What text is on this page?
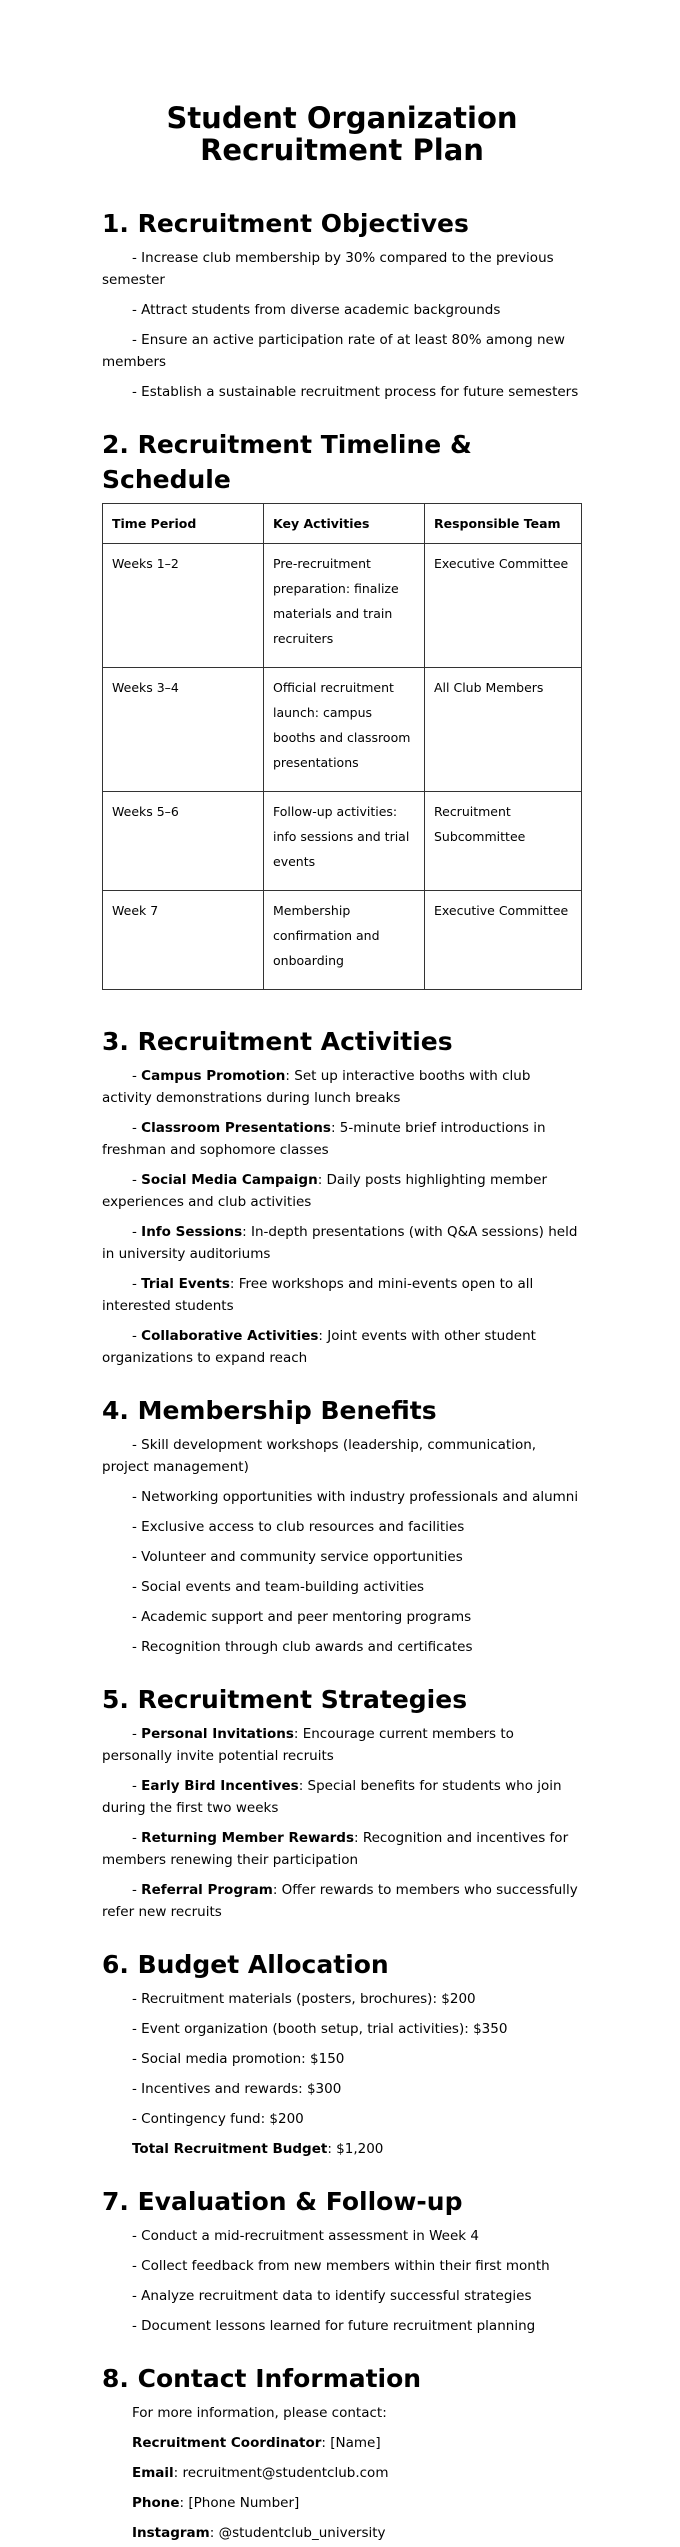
Student Organization Recruitment Plan
1. Recruitment Objectives

- Increase club membership by 30% compared to the previous semester

- Attract students from diverse academic backgrounds

- Ensure an active participation rate of at least 80% among new members

- Establish a sustainable recruitment process for future semesters

2. Recruitment Timeline & Schedule
Time Period	Key Activities	Responsible Team
Weeks 1–2	Pre-recruitment preparation: finalize materials and train recruiters	Executive Committee
Weeks 3–4	Official recruitment launch: campus booths and classroom presentations	All Club Members
Weeks 5–6	Follow-up activities: info sessions and trial events	Recruitment Subcommittee
Week 7	Membership confirmation and onboarding	Executive Committee
3. Recruitment Activities

- Campus Promotion: Set up interactive booths with club activity demonstrations during lunch breaks

- Classroom Presentations: 5-minute brief introductions in freshman and sophomore classes

- Social Media Campaign: Daily posts highlighting member experiences and club activities

- Info Sessions: In-depth presentations (with Q&A sessions) held in university auditoriums

- Trial Events: Free workshops and mini-events open to all interested students

- Collaborative Activities: Joint events with other student organizations to expand reach

4. Membership Benefits

- Skill development workshops (leadership, communication, project management)

- Networking opportunities with industry professionals and alumni

- Exclusive access to club resources and facilities

- Volunteer and community service opportunities

- Social events and team-building activities

- Academic support and peer mentoring programs

- Recognition through club awards and certificates

5. Recruitment Strategies

- Personal Invitations: Encourage current members to personally invite potential recruits

- Early Bird Incentives: Special benefits for students who join during the first two weeks

- Returning Member Rewards: Recognition and incentives for members renewing their participation

- Referral Program: Offer rewards to members who successfully refer new recruits

6. Budget Allocation

- Recruitment materials (posters, brochures): $200

- Event organization (booth setup, trial activities): $350

- Social media promotion: $150

- Incentives and rewards: $300

- Contingency fund: $200

Total Recruitment Budget: $1,200

7. Evaluation & Follow-up

- Conduct a mid-recruitment assessment in Week 4

- Collect feedback from new members within their first month

- Analyze recruitment data to identify successful strategies

- Document lessons learned for future recruitment planning

8. Contact Information

For more information, please contact:

Recruitment Coordinator: [Name]

Email: recruitment@studentclub.com

Phone: [Phone Number]

Instagram: @studentclub_university
